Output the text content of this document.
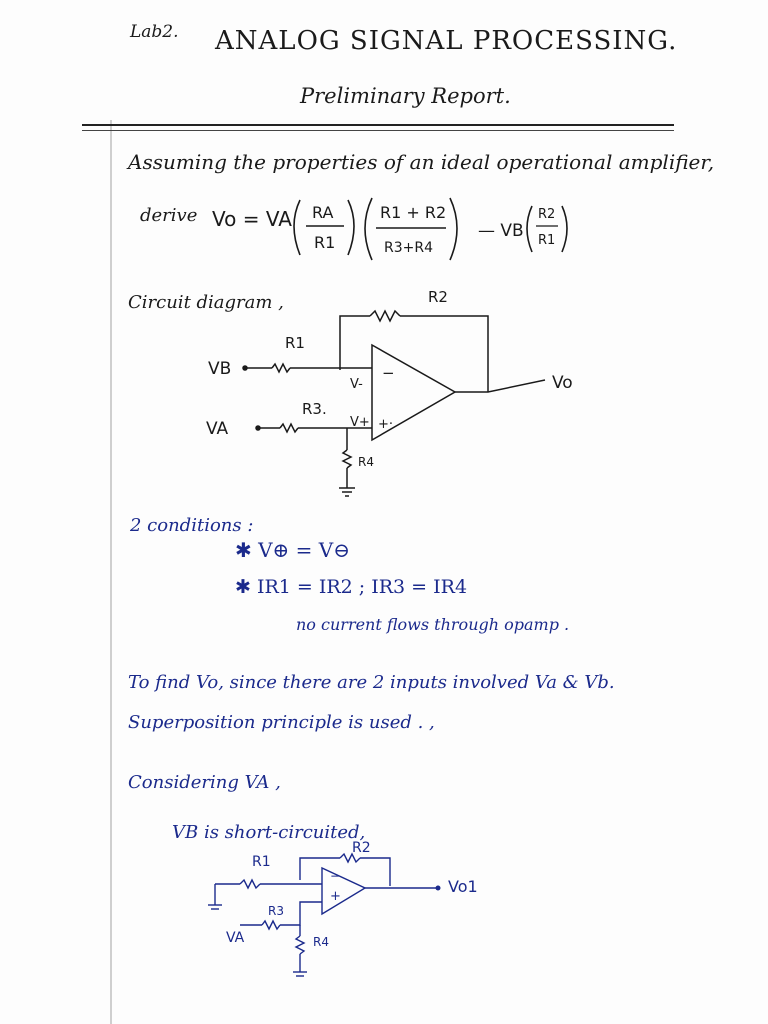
Lab2. ANALOG SIGNAL PROCESSING.
Preliminary Report.
Assuming the properties of an ideal operational amplifier,
derive Vo = VA RA
R1
R1 + R2
R3+R4
— VB
R2
R1
Circuit diagram ,	R2
R1
VB
V-
−
R3.
V+ +·
VA
R4
Vo
2 conditions :
✱ V⊕ = V⊖
✱ IR1 = IR2 ; IR3 = IR4
no current flows through opamp .
To find Vo, since there are 2 inputs involved Va & Vb.
Superposition principle is used . ,
Considering VA ,
VB is short-circuited,
R1
R2
R3
VA	R4
Vo1
−
+
